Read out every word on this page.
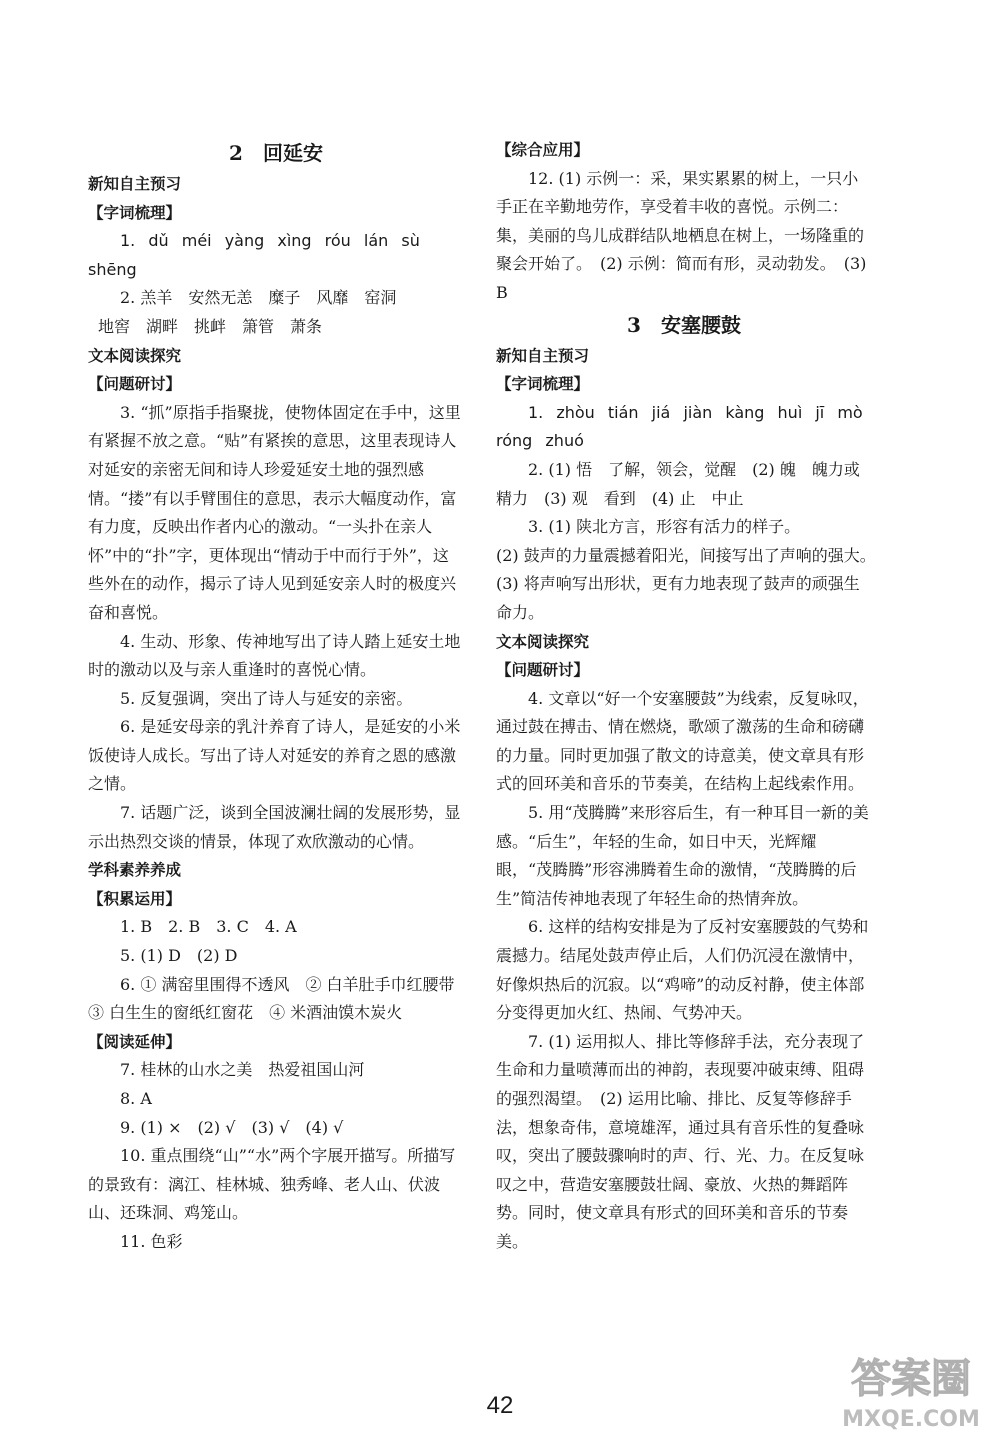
2　回延安

新知自主预习

【字词梳理】

1. dǔ méi yàng xìng róu lán sù shēng

2. 羔羊　安然无恙　糜子　风靡　窑洞

地窖　湖畔　挑衅　箫管　萧条

文本阅读探究

【问题研讨】

3. “抓”原指手指聚拢，使物体固定在手中，这里有紧握不放之意。“贴”有紧挨的意思，这里表现诗人对延安的亲密无间和诗人珍爱延安土地的强烈感情。“搂”有以手臂围住的意思，表示大幅度动作，富有力度，反映出作者内心的激动。“一头扑在亲人怀”中的“扑”字，更体现出“情动于中而行于外”，这些外在的动作，揭示了诗人见到延安亲人时的极度兴奋和喜悦。

4. 生动、形象、传神地写出了诗人踏上延安土地时的激动以及与亲人重逢时的喜悦心情。

5. 反复强调，突出了诗人与延安的亲密。

6. 是延安母亲的乳汁养育了诗人，是延安的小米饭使诗人成长。写出了诗人对延安的养育之恩的感激之情。

7. 话题广泛，谈到全国波澜壮阔的发展形势，显示出热烈交谈的情景，体现了欢欣激动的心情。

学科素养养成

【积累运用】

1. B　2. B　3. C　4. A

5. (1) D　(2) D

6. ① 满窑里围得不透风　② 白羊肚手巾红腰带　③ 白生生的窗纸红窗花　④ 米酒油馍木炭火

【阅读延伸】

7. 桂林的山水之美　热爱祖国山河

8. A

9. (1) ×　(2) √　(3) √　(4) √

10. 重点围绕“山”“水”两个字展开描写。所描写的景致有：漓江、桂林城、独秀峰、老人山、伏波山、还珠洞、鸡笼山。

11. 色彩

【综合应用】

12. (1) 示例一：采，果实累累的树上，一只小手正在辛勤地劳作，享受着丰收的喜悦。示例二：集，美丽的鸟儿成群结队地栖息在树上，一场隆重的聚会开始了。　(2) 示例：简而有形，灵动勃发。　(3) B

3　安塞腰鼓

新知自主预习

【字词梳理】

1. zhòu tián jiá jiàn kàng huì jī mò róng zhuó

2. (1) 悟　了解，领会，觉醒　(2) 魄　魄力或精力　(3) 观　看到　(4) 止　中止

3. (1) 陕北方言，形容有活力的样子。

(2) 鼓声的力量震撼着阳光，间接写出了声响的强大。　(3) 将声响写出形状，更有力地表现了鼓声的顽强生命力。

文本阅读探究

【问题研讨】

4. 文章以“好一个安塞腰鼓”为线索，反复咏叹，通过鼓在搏击、情在燃烧，歌颂了激荡的生命和磅礴的力量。同时更加强了散文的诗意美，使文章具有形式的回环美和音乐的节奏美，在结构上起线索作用。

5. 用“茂腾腾”来形容后生，有一种耳目一新的美感。“后生”，年轻的生命，如日中天，光辉耀眼，“茂腾腾”形容沸腾着生命的激情，“茂腾腾的后生”简洁传神地表现了年轻生命的热情奔放。

6. 这样的结构安排是为了反衬安塞腰鼓的气势和震撼力。结尾处鼓声停止后，人们仍沉浸在激情中，好像炽热后的沉寂。以“鸡啼”的动反衬静，使主体部分变得更加火红、热闹、气势冲天。

7. (1) 运用拟人、排比等修辞手法，充分表现了生命和力量喷薄而出的神韵，表现要冲破束缚、阻碍的强烈渴望。　(2) 运用比喻、排比、反复等修辞手法，想象奇伟，意境雄浑，通过具有音乐性的复叠咏叹，突出了腰鼓骤响时的声、行、光、力。在反复咏叹之中，营造安塞腰鼓壮阔、豪放、火热的舞蹈阵势。同时，使文章具有形式的回环美和音乐的节奏美。

42
答案圈
MXQE.COM
